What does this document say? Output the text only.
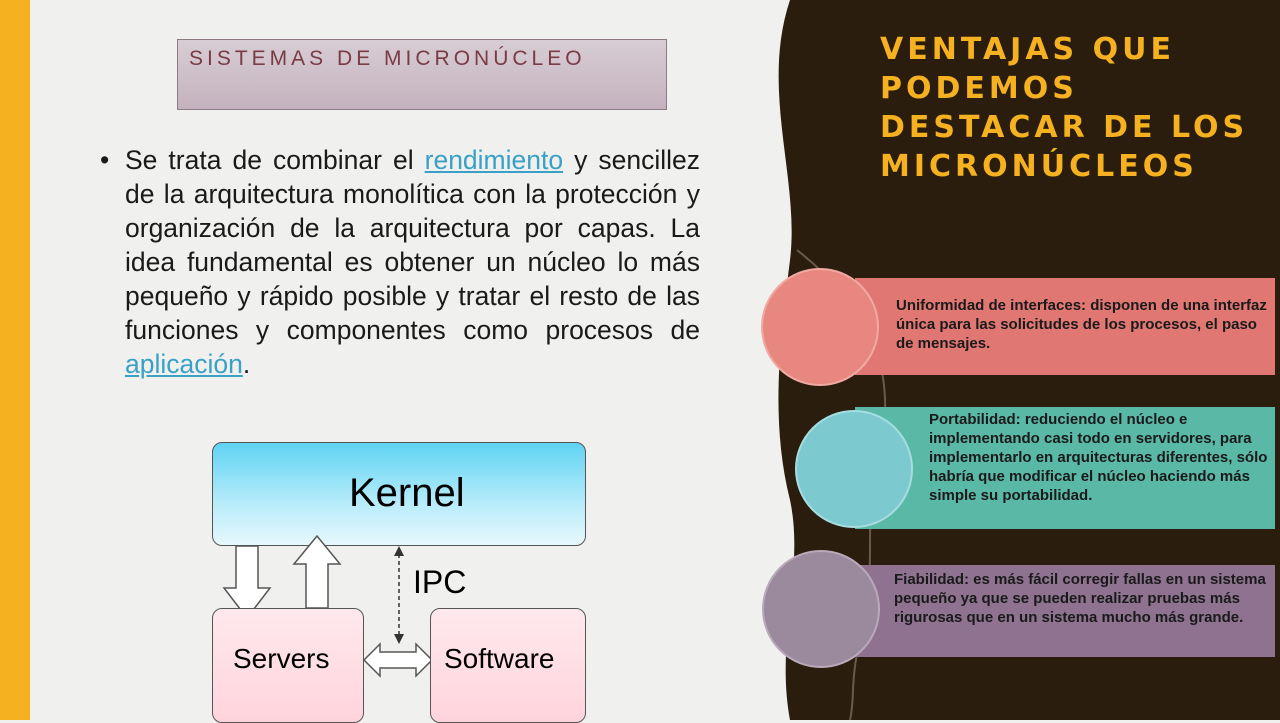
SISTEMAS DE MICRONÚCLEO
• Se trata de combinar el rendimiento y sencillez de la arquitectura monolítica con la protección y organización de la arquitectura por capas. La idea fundamental es obtener un núcleo lo más pequeño y rápido posible y tratar el resto de las funciones y componentes como procesos de aplicación.
Kernel
IPC
Servers	Software
VENTAJAS QUE PODEMOS DESTACAR DE LOS MICRONÚCLEOS
Uniformidad de interfaces: disponen de una interfaz única para las solicitudes de los procesos, el paso de mensajes.
Portabilidad: reduciendo el núcleo e implementando casi todo en servidores, para implementarlo en arquitecturas diferentes, sólo habría que modificar el núcleo haciendo más simple su portabilidad.
Fiabilidad: es más fácil corregir fallas en un sistema pequeño ya que se pueden realizar pruebas más rigurosas que en un sistema mucho más grande.
